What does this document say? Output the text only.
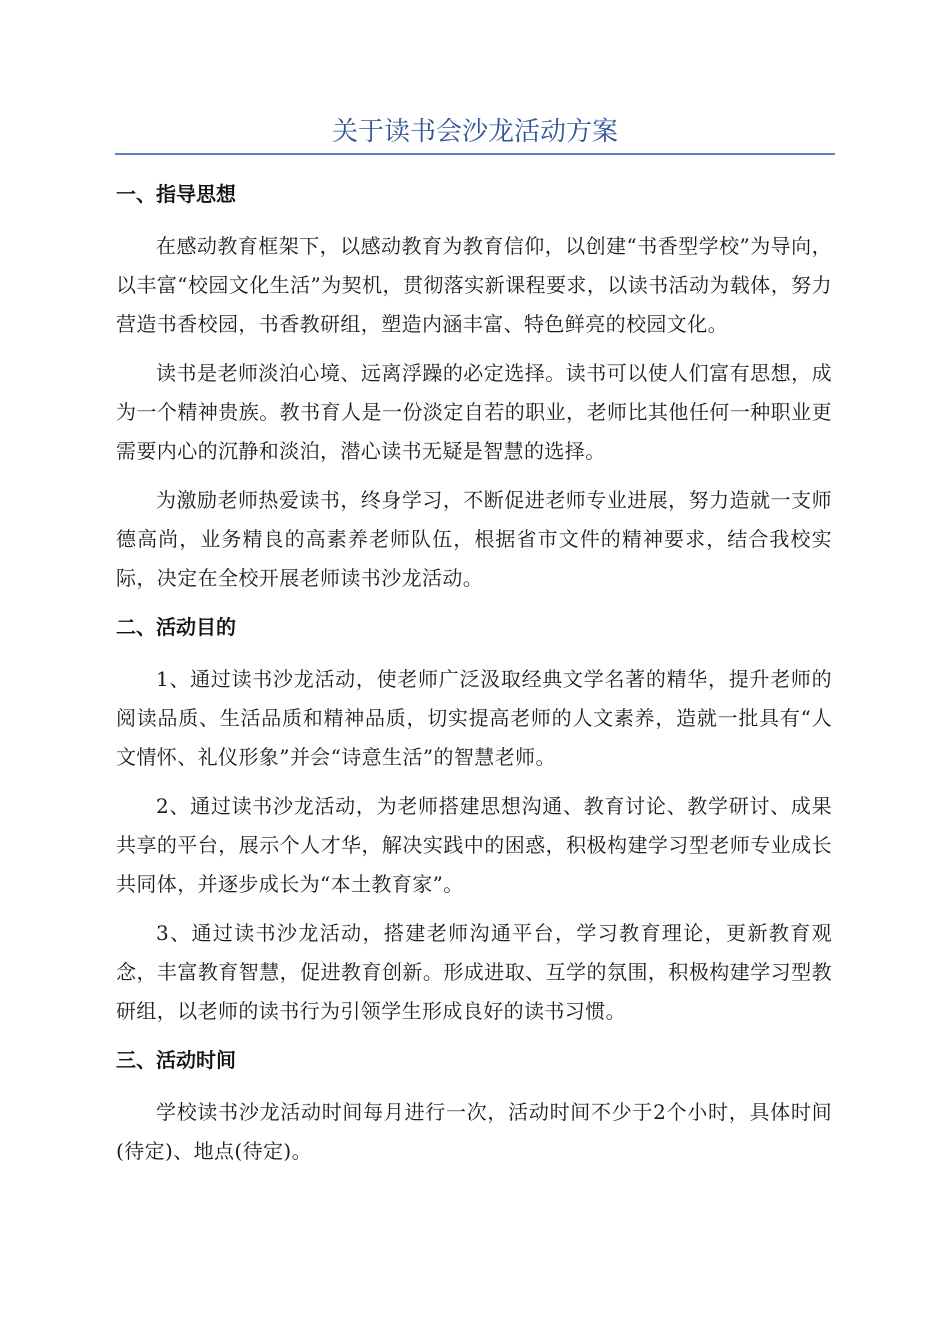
关于读书会沙龙活动方案
一、指导思想

在感动教育框架下，以感动教育为教育信仰，以创建“书香型学校”为导向，以丰富“校园文化生活”为契机，贯彻落实新课程要求，以读书活动为载体，努力营造书香校园，书香教研组，塑造内涵丰富、特色鲜亮的校园文化。

读书是老师淡泊心境、远离浮躁的必定选择。读书可以使人们富有思想，成为一个精神贵族。教书育人是一份淡定自若的职业，老师比其他任何一种职业更需要内心的沉静和淡泊，潜心读书无疑是智慧的选择。

为激励老师热爱读书，终身学习，不断促进老师专业进展，努力造就一支师德高尚，业务精良的高素养老师队伍，根据省市文件的精神要求，结合我校实际，决定在全校开展老师读书沙龙活动。

二、活动目的

1、通过读书沙龙活动，使老师广泛汲取经典文学名著的精华，提升老师的阅读品质、生活品质和精神品质，切实提高老师的人文素养，造就一批具有“人文情怀、礼仪形象”并会“诗意生活”的智慧老师。

2、通过读书沙龙活动，为老师搭建思想沟通、教育讨论、教学研讨、成果共享的平台，展示个人才华，解决实践中的困惑，积极构建学习型老师专业成长共同体，并逐步成长为“本土教育家”。

3、通过读书沙龙活动，搭建老师沟通平台，学习教育理论，更新教育观念，丰富教育智慧，促进教育创新。形成进取、互学的氛围，积极构建学习型教研组，以老师的读书行为引领学生形成良好的读书习惯。

三、活动时间

学校读书沙龙活动时间每月进行一次，活动时间不少于2个小时，具体时间(待定)、地点(待定)。
